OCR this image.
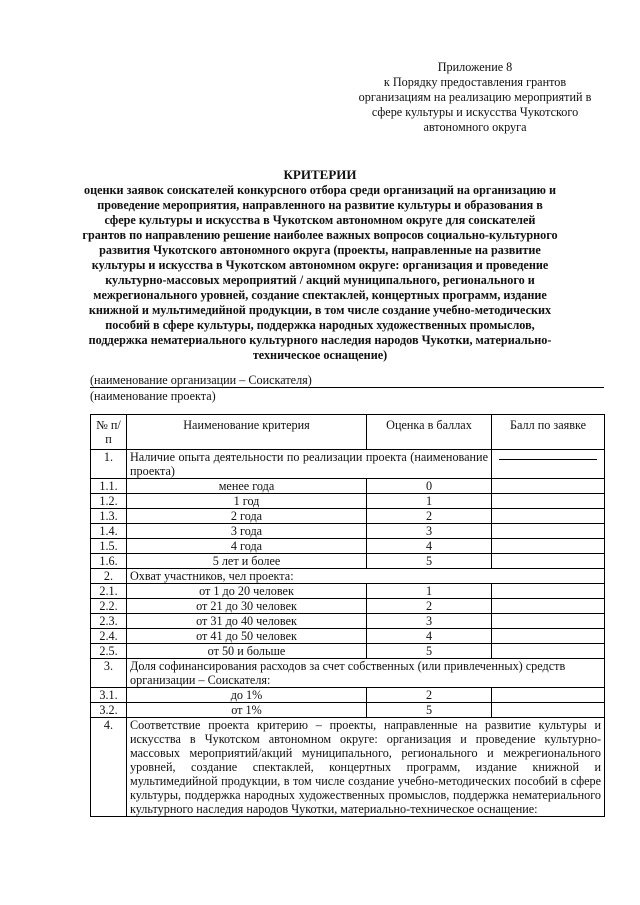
Приложение 8
к Порядку предоставления грантов
организациям на реализацию мероприятий в
сфере культуры и искусства Чукотского
автономного округа
КРИТЕРИИ
оценки заявок соискателей конкурсного отбора среди организаций на организацию и
проведение мероприятия, направленного на развитие культуры и образования в
сфере культуры и искусства в Чукотском автономном округе для соискателей
грантов по направлению решение наиболее важных вопросов социально-культурного
развития Чукотского автономного округа (проекты, направленные на развитие
культуры и искусства в Чукотском автономном округе: организация и проведение
культурно-массовых мероприятий / акций муниципального, регионального и
межрегионального уровней, создание спектаклей, концертных программ, издание
книжной и мультимедийной продукции, в том числе создание учебно-методических
пособий в сфере культуры, поддержка народных художественных промыслов,
поддержка нематериального культурного наследия народов Чукотки, материально-
техническое оснащение)
(наименование организации – Соискателя)
(наименование проекта)
№ п/п	Наименование критерия	Оценка в баллах	Балл по заявке
1.	Наличие опыта деятельности по реализации проекта (наименование проекта)		

1.1.	менее года	0	
1.2.	1 год	1	
1.3.	2 года	2	
1.4.	3 года	3	
1.5.	4 года	4	
1.6.	5 лет и более	5	
2.	Охват участников, чел проекта:		
2.1.	от 1 до 20 человек	1	
2.2.	от 21 до 30 человек	2	
2.3.	от 31 до 40 человек	3	
2.4.	от 41 до 50 человек	4	
2.5.	от 50 и больше	5	
3.	Доля софинансирования расходов за счет собственных (или привлеченных) средств организации – Соискателя:		
3.1.	до 1%	2	
3.2.	от 1%	5	
4.	Соответствие проекта критерию – проекты, направленные на развитие культуры и искусства в Чукотском автономном округе: организация и проведение культурно-массовых мероприятий/акций муниципального, регионального и межрегионального уровней, создание спектаклей, концертных программ, издание книжной и мультимедийной продукции, в том числе создание учебно-методических пособий в сфере культуры, поддержка народных художественных промыслов, поддержка нематериального культурного наследия народов Чукотки, материально-техническое оснащение:		
